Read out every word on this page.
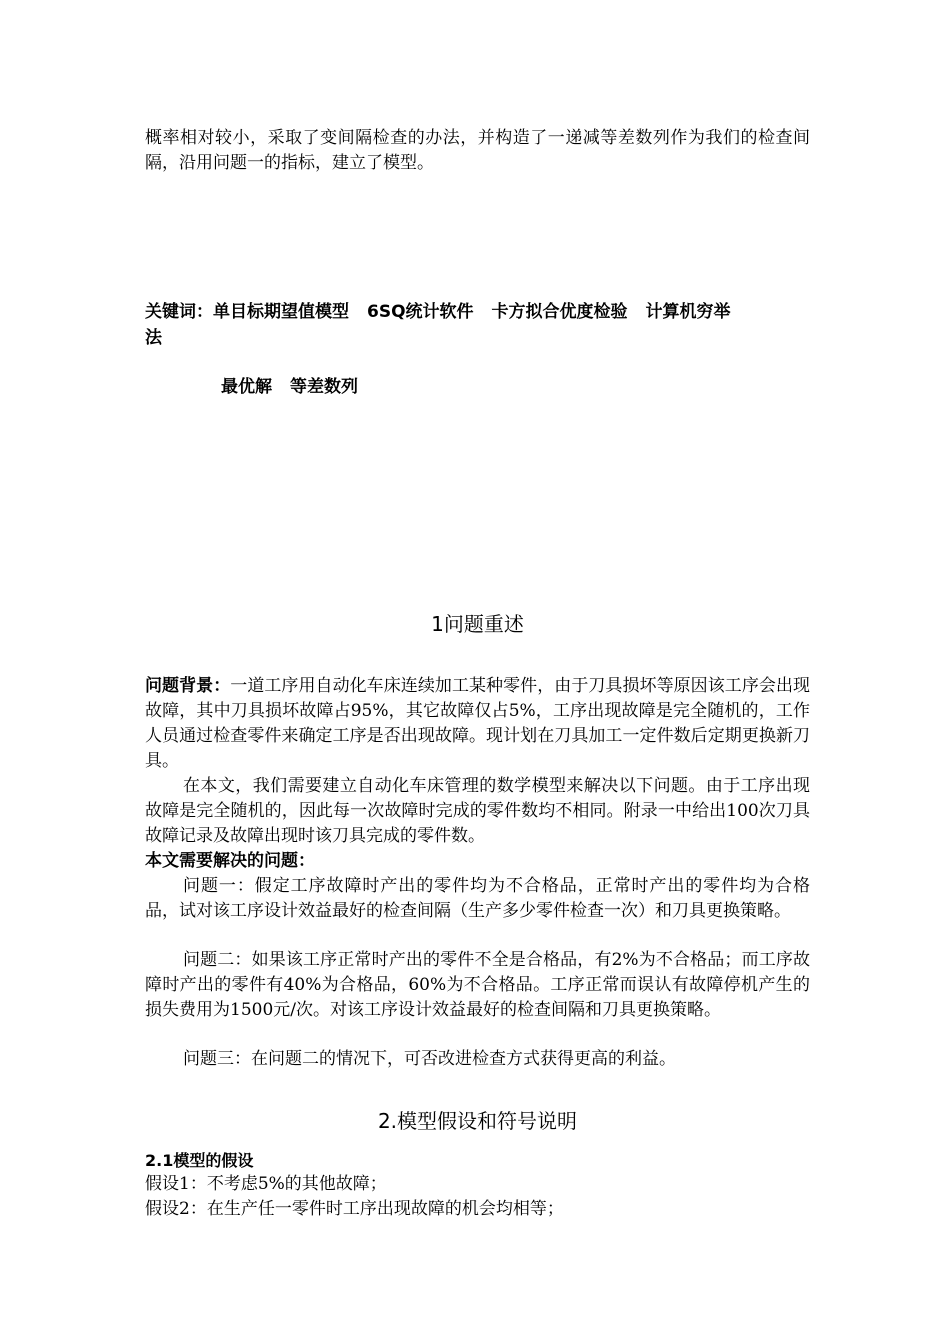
概率相对较小，采取了变间隔检查的办法，并构造了一递减等差数列作为我们的检查间隔，沿用问题一的指标，建立了模型。

关键词：单目标期望值模型 6SQ统计软件 卡方拟合优度检验 计算机穷举

法

最优解 等差数列

1问题重述

问题背景：一道工序用自动化车床连续加工某种零件，由于刀具损坏等原因该工序会出现故障，其中刀具损坏故障占95%，其它故障仅占5%，工序出现故障是完全随机的，工作人员通过检查零件来确定工序是否出现故障。现计划在刀具加工一定件数后定期更换新刀具。

在本文，我们需要建立自动化车床管理的数学模型来解决以下问题。由于工序出现故障是完全随机的，因此每一次故障时完成的零件数均不相同。附录一中给出100次刀具故障记录及故障出现时该刀具完成的零件数。

本文需要解决的问题：

问题一：假定工序故障时产出的零件均为不合格品，正常时产出的零件均为合格品，试对该工序设计效益最好的检查间隔（生产多少零件检查一次）和刀具更换策略。

问题二：如果该工序正常时产出的零件不全是合格品，有2%为不合格品；而工序故障时产出的零件有40%为合格品，60%为不合格品。工序正常而误认有故障停机产生的损失费用为1500元/次。对该工序设计效益最好的检查间隔和刀具更换策略。

问题三：在问题二的情况下，可否改进检查方式获得更高的利益。

2.模型假设和符号说明

2.1模型的假设

假设1：不考虑5%的其他故障；

假设2：在生产任一零件时工序出现故障的机会均相等；
